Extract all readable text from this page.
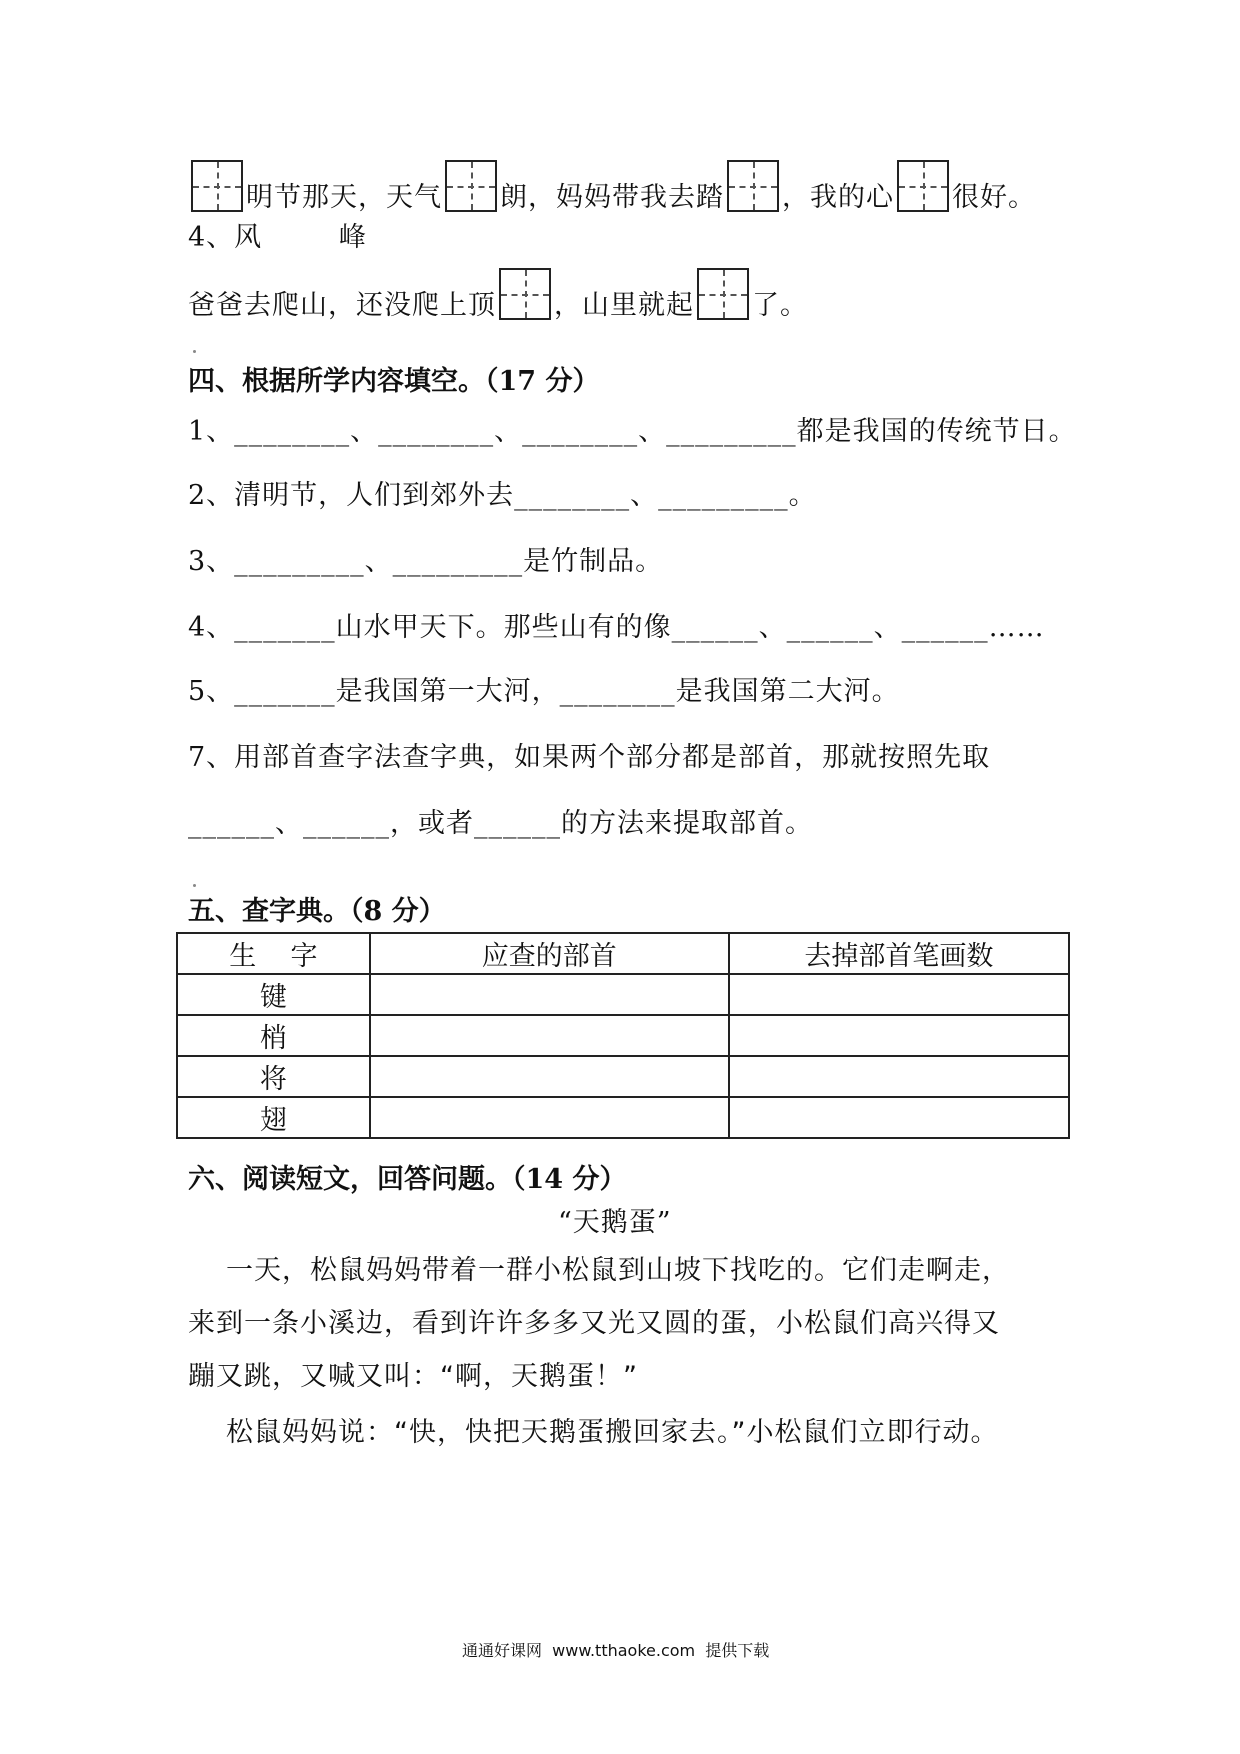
明节那天，天气 朗，妈妈带我去踏 ，我的心 很好。
4、风        峰
爸爸去爬山，还没爬上顶 ，山里就起 了。
四、根据所学内容填空。（17 分）
1、________、________、________、_________都是我国的传统节日。
2、清明节，人们到郊外去________、_________。
3、_________、_________是竹制品。
4、_______山水甲天下。那些山有的像______、______、______……
5、_______是我国第一大河，________是我国第二大河。
7、用部首查字法查字典，如果两个部分都是部首，那就按照先取
______、______，或者______的方法来提取部首。
五、查字典。（8 分）
生    字	应查的部首	去掉部首笔画数
键		
梢		
将		
翅		
六、阅读短文，回答问题。（14 分）
“天鹅蛋”
一天，松鼠妈妈带着一群小松鼠到山坡下找吃的。它们走啊走，
来到一条小溪边，看到许许多多又光又圆的蛋，小松鼠们高兴得又
蹦又跳，又喊又叫：“啊，天鹅蛋！”
松鼠妈妈说：“快，快把天鹅蛋搬回家去。”小松鼠们立即行动。
通通好课网  www.tthaoke.com  提供下载
